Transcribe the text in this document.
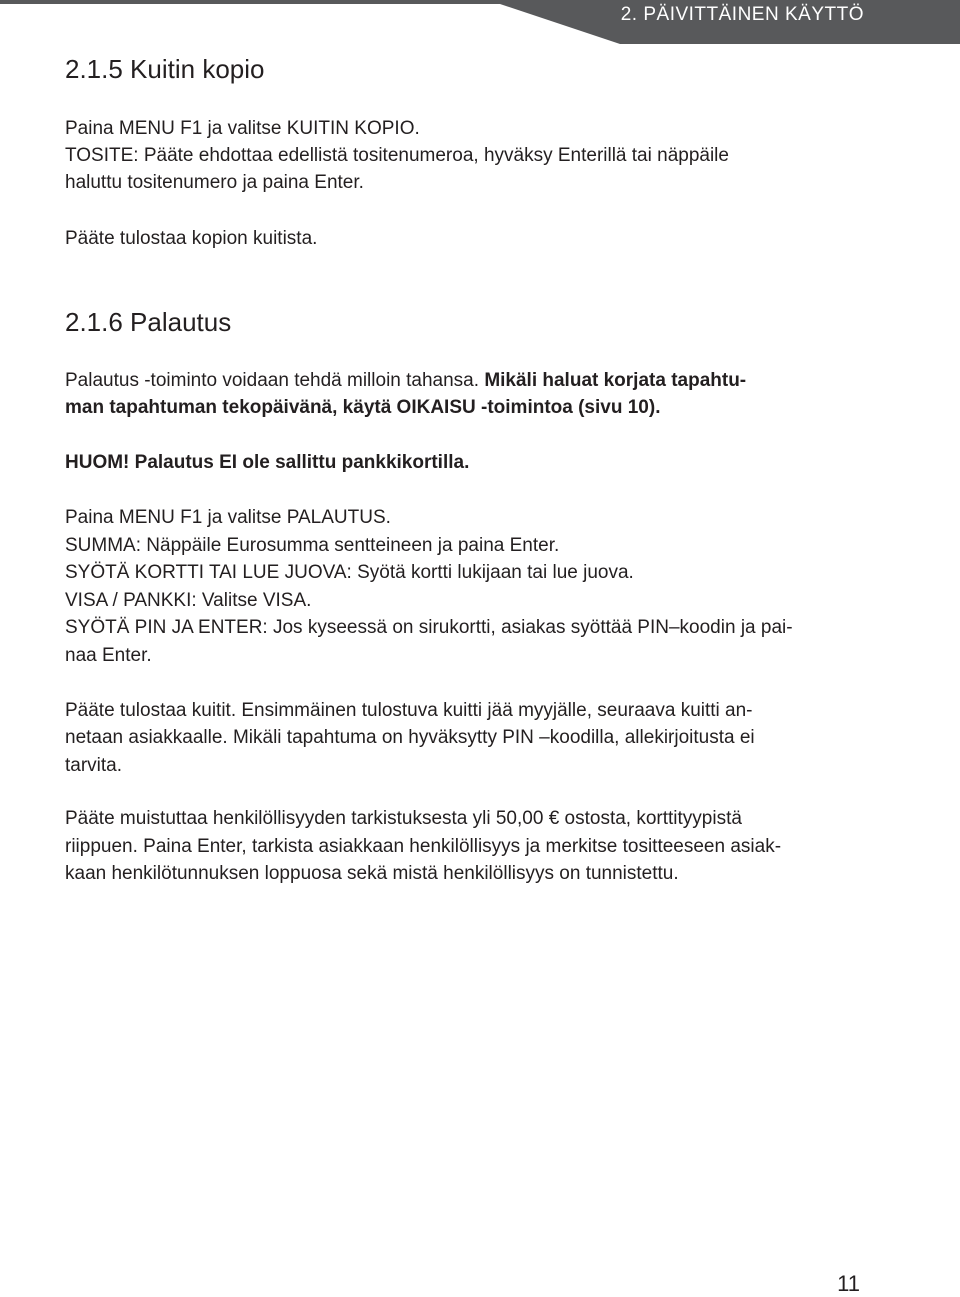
2. PÄIVITTÄINEN KÄYTTÖ
2.1.5 Kuitin kopio

Paina MENU F1 ja valitse KUITIN KOPIO.

TOSITE: Pääte ehdottaa edellistä tositenumeroa, hyväksy Enterillä tai näppäile

haluttu tositenumero ja paina Enter.

Pääte tulostaa kopion kuitista.

2.1.6 Palautus

Palautus -toiminto voidaan tehdä milloin tahansa. Mikäli haluat korjata tapahtu-

man tapahtuman tekopäivänä, käytä OIKAISU -toimintoa (sivu 10).

HUOM! Palautus EI ole sallittu pankkikortilla.

Paina MENU F1 ja valitse PALAUTUS.

SUMMA: Näppäile Eurosumma sentteineen ja paina Enter.

SYÖTÄ KORTTI TAI LUE JUOVA: Syötä kortti lukijaan tai lue juova.

VISA / PANKKI: Valitse VISA.

SYÖTÄ PIN JA ENTER: Jos kyseessä on sirukortti, asiakas syöttää PIN–koodin ja pai-

naa Enter.

Pääte tulostaa kuitit. Ensimmäinen tulostuva kuitti jää myyjälle, seuraava kuitti an-

netaan asiakkaalle. Mikäli tapahtuma on hyväksytty PIN –koodilla, allekirjoitusta ei

tarvita.

Pääte muistuttaa henkilöllisyyden tarkistuksesta yli 50,00 € ostosta, korttityypistä

riippuen. Paina Enter, tarkista asiakkaan henkilöllisyys ja merkitse tositteeseen asiak-

kaan henkilötunnuksen loppuosa sekä mistä henkilöllisyys on tunnistettu.

11
